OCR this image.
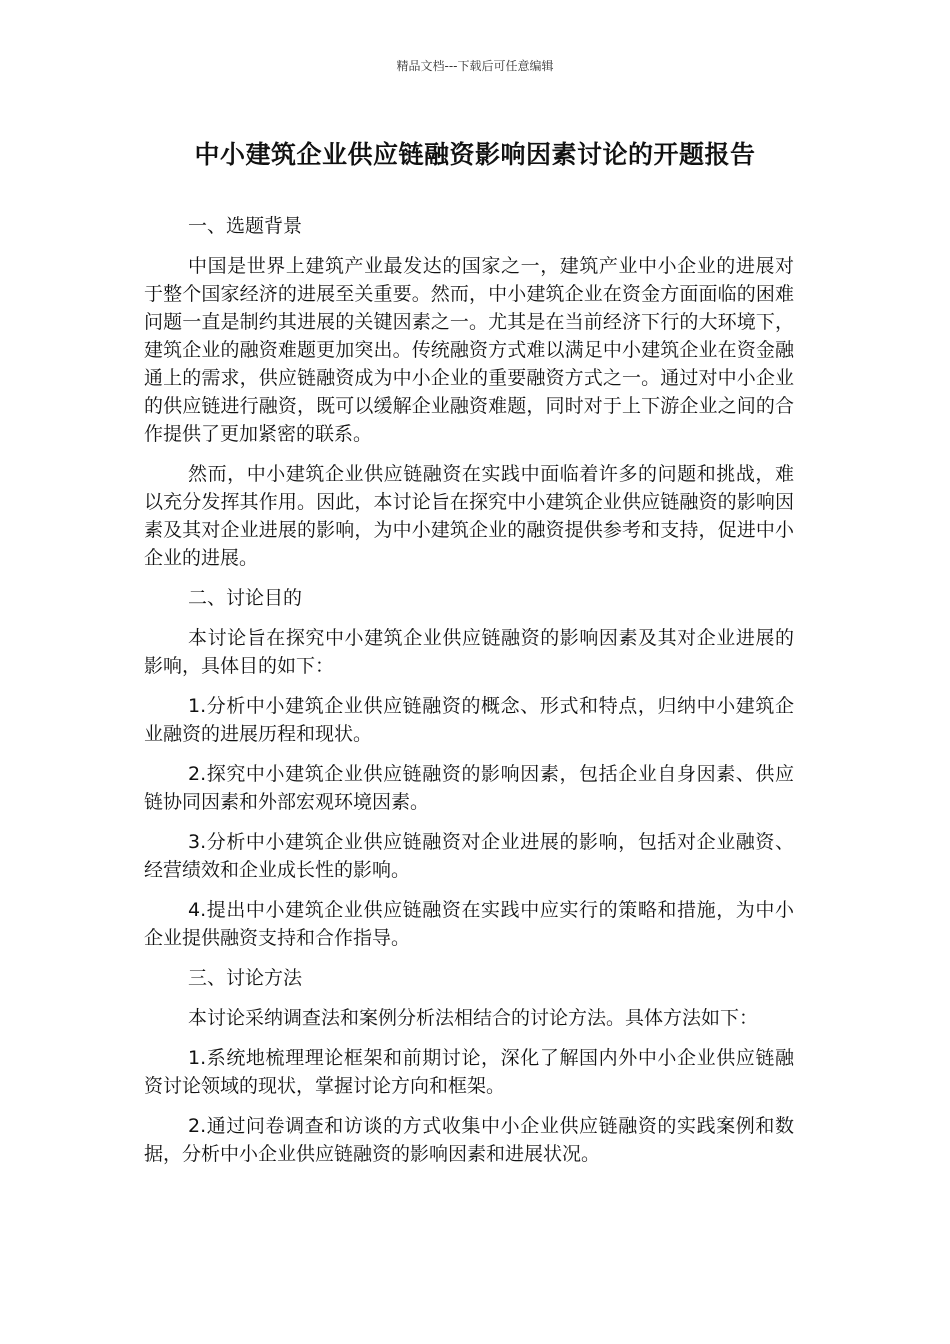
精品文档---下载后可任意编辑
中小建筑企业供应链融资影响因素讨论的开题报告

一、选题背景

中国是世界上建筑产业最发达的国家之一，建筑产业中小企业的进展对于整个国家经济的进展至关重要。然而，中小建筑企业在资金方面面临的困难问题一直是制约其进展的关键因素之一。尤其是在当前经济下行的大环境下，建筑企业的融资难题更加突出。传统融资方式难以满足中小建筑企业在资金融通上的需求，供应链融资成为中小企业的重要融资方式之一。通过对中小企业的供应链进行融资，既可以缓解企业融资难题，同时对于上下游企业之间的合作提供了更加紧密的联系。

然而，中小建筑企业供应链融资在实践中面临着许多的问题和挑战，难以充分发挥其作用。因此，本讨论旨在探究中小建筑企业供应链融资的影响因素及其对企业进展的影响，为中小建筑企业的融资提供参考和支持，促进中小企业的进展。

二、讨论目的

本讨论旨在探究中小建筑企业供应链融资的影响因素及其对企业进展的影响，具体目的如下：

1.分析中小建筑企业供应链融资的概念、形式和特点，归纳中小建筑企业融资的进展历程和现状。

2.探究中小建筑企业供应链融资的影响因素，包括企业自身因素、供应链协同因素和外部宏观环境因素。

3.分析中小建筑企业供应链融资对企业进展的影响，包括对企业融资、经营绩效和企业成长性的影响。

4.提出中小建筑企业供应链融资在实践中应实行的策略和措施，为中小企业提供融资支持和合作指导。

三、讨论方法

本讨论采纳调查法和案例分析法相结合的讨论方法。具体方法如下：

1.系统地梳理理论框架和前期讨论，深化了解国内外中小企业供应链融资讨论领域的现状，掌握讨论方向和框架。

2.通过问卷调查和访谈的方式收集中小企业供应链融资的实践案例和数据，分析中小企业供应链融资的影响因素和进展状况。
